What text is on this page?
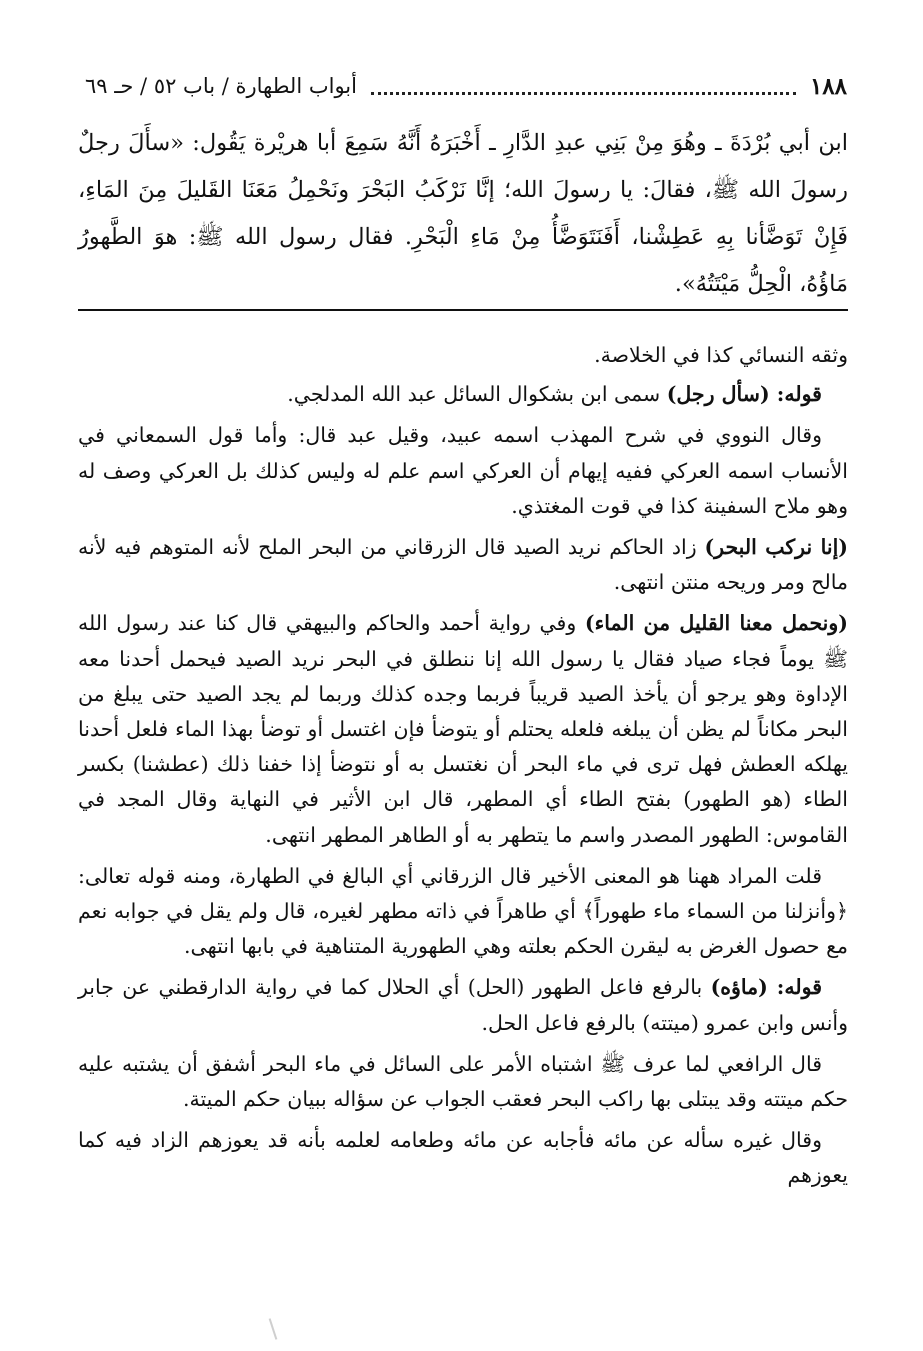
١٨٨
أبواب الطهارة / باب ٥٢ / حـ ٦٩
ابن أبي بُرْدَةَ ـ وهُوَ مِنْ بَنِي عبدِ الدَّارِ ـ أَخْبَرَهُ أَنَّهُ سَمِعَ أبا هريْرة يَقُول: «سأَلَ رجلٌ رسولَ الله ﷺ، فقالَ: يا رسولَ الله؛ إنَّا نَرْكَبُ البَحْرَ ونَحْمِلُ مَعَنَا القَليلَ مِنَ المَاءِ، فَإِنْ تَوَضَّأنا بِهِ عَطِشْنا، أَفَنَتَوَضَّأُ مِنْ مَاءِ الْبَحْرِ. فقال رسول الله ﷺ: هوَ الطَّهورُ مَاؤُهُ، الْحِلُّ مَيْتَتُهُ».

وثقه النسائي كذا في الخلاصة.

قوله: (سأل رجل) سمى ابن بشكوال السائل عبد الله المدلجي.

وقال النووي في شرح المهذب اسمه عبيد، وقيل عبد قال: وأما قول السمعاني في الأنساب اسمه العركي ففيه إيهام أن العركي اسم علم له وليس كذلك بل العركي وصف له وهو ملاح السفينة كذا في قوت المغتذي.

(إنا نركب البحر) زاد الحاكم نريد الصيد قال الزرقاني من البحر الملح لأنه المتوهم فيه لأنه مالح ومر وريحه منتن انتهى.

(ونحمل معنا القليل من الماء) وفي رواية أحمد والحاكم والبيهقي قال كنا عند رسول الله ﷺ يوماً فجاء صياد فقال يا رسول الله إنا ننطلق في البحر نريد الصيد فيحمل أحدنا معه الإداوة وهو يرجو أن يأخذ الصيد قريباً فربما وجده كذلك وربما لم يجد الصيد حتى يبلغ من البحر مكاناً لم يظن أن يبلغه فلعله يحتلم أو يتوضأ فإن اغتسل أو توضأ بهذا الماء فلعل أحدنا يهلكه العطش فهل ترى في ماء البحر أن نغتسل به أو نتوضأ إذا خفنا ذلك (عطشنا) بكسر الطاء (هو الطهور) بفتح الطاء أي المطهر، قال ابن الأثير في النهاية وقال المجد في القاموس: الطهور المصدر واسم ما يتطهر به أو الطاهر المطهر انتهى.

قلت المراد ههنا هو المعنى الأخير قال الزرقاني أي البالغ في الطهارة، ومنه قوله تعالى: ﴿وأنزلنا من السماء ماء طهوراً﴾ أي طاهراً في ذاته مطهر لغيره، قال ولم يقل في جوابه نعم مع حصول الغرض به ليقرن الحكم بعلته وهي الطهورية المتناهية في بابها انتهى.

قوله: (ماؤه) بالرفع فاعل الطهور (الحل) أي الحلال كما في رواية الدارقطني عن جابر وأنس وابن عمرو (ميتته) بالرفع فاعل الحل.

قال الرافعي لما عرف ﷺ اشتباه الأمر على السائل في ماء البحر أشفق أن يشتبه عليه حكم ميتته وقد يبتلى بها راكب البحر فعقب الجواب عن سؤاله ببيان حكم الميتة.

وقال غيره سأله عن مائه فأجابه عن مائه وطعامه لعلمه بأنه قد يعوزهم الزاد فيه كما يعوزهم
